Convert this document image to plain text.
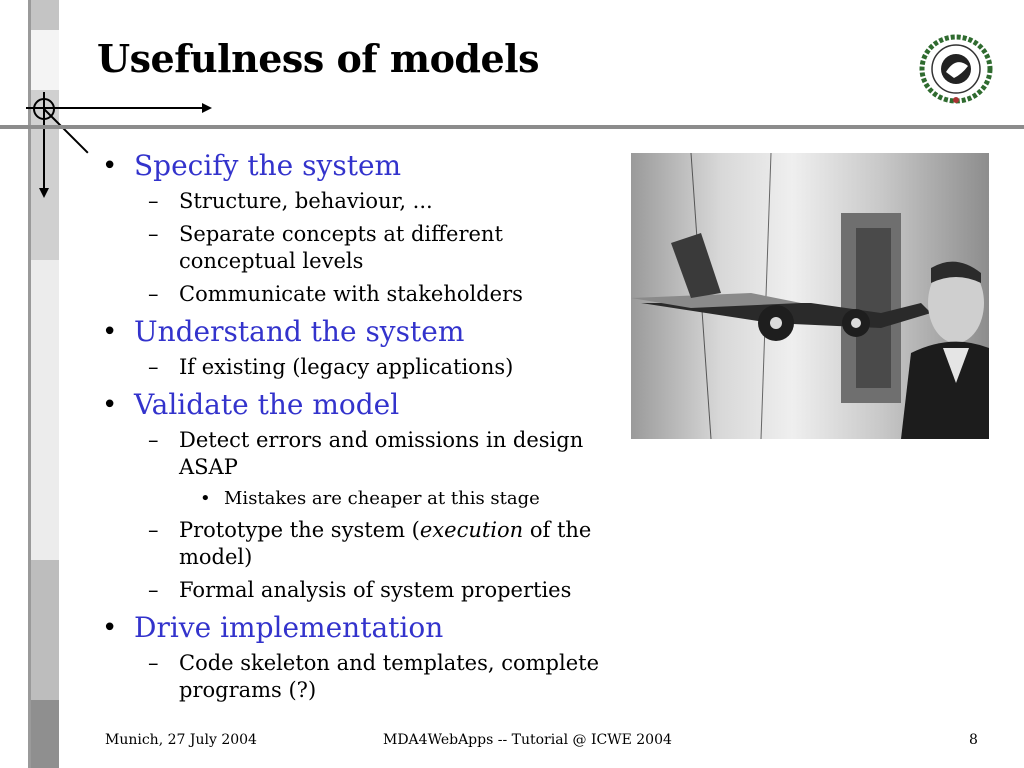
Usefulness of models
• Specify the system
– Structure, behaviour, ...
– Separate concepts at different
conceptual levels
– Communicate with stakeholders
• Understand the system
– If existing (legacy applications)
• Validate the model
– Detect errors and omissions in design ASAP
• Mistakes are cheaper at this stage
– Prototype the system (execution of the model)
– Formal analysis of system properties
• Drive implementation
– Code skeleton and templates, complete programs (?)
Munich, 27 July 2004	MDA4WebApps -- Tutorial @ ICWE 2004	8
